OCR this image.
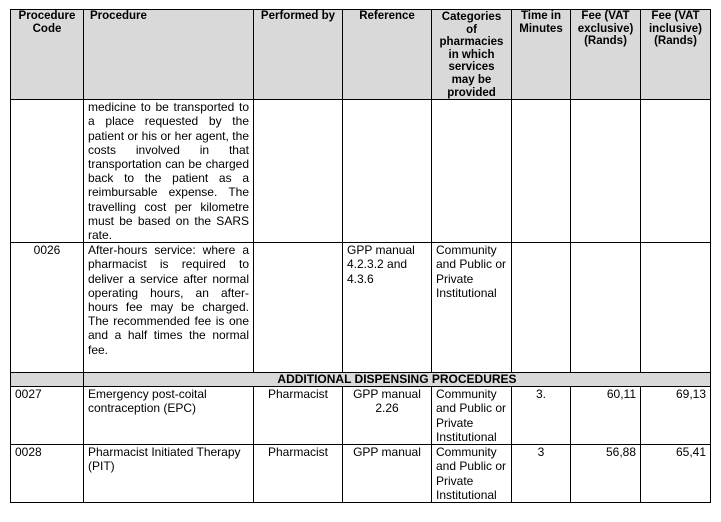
Procedure Code	Procedure	Performed by	Reference	Categories of pharmacies in which services may be provided	Time in Minutes	Fee (VAT exclusive) (Rands)	Fee (VAT inclusive) (Rands)
	medicine to be transported to a place requested by the patient or his or her agent, the costs involved in that transportation can be charged back to the patient as a reimbursable expense. The travelling cost per kilometre must be based on the SARS rate.						
0026	After-hours service: where a pharmacist is required to deliver a service after normal operating hours, an after-hours fee may be charged. The recommended fee is one and a half times the normal fee.		GPP manual 4.2.3.2 and 4.3.6	Community and Public or Private Institutional			
	ADDITIONAL DISPENSING PROCEDURES						
0027	Emergency post-coital contraception (EPC)	Pharmacist	GPP manual 2.26	Community and Public or Private Institutional	3.	60,11	69,13
0028	Pharmacist Initiated Therapy (PIT)	Pharmacist	GPP manual	Community and Public or Private Institutional	3	56,88	65,41
